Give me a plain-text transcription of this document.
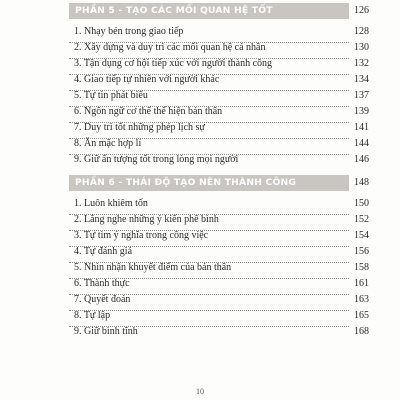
PHẦN 5 - TẠO CÁC MỐI QUAN HỆ TỐT	126
1. Nhạy bén trong giao tiếp	128
2. Xây dựng và duy trì các mối quan hệ cá nhân	130
3. Tận dụng cơ hội tiếp xúc với người thành công	132
4. Giao tiếp tự nhiên với người khác	134
5. Tự tin phát biểu	137
6. Ngôn ngữ cơ thể thể hiện bản thân	139
7. Duy trì tốt những phép lịch sự	141
8. Ăn mặc hợp lí	144
9. Giữ ấn tượng tốt trong lòng mọi người	146
PHẦN 6 - THÁI ĐỘ TẠO NÊN THÀNH CÔNG	148
1. Luôn khiêm tốn	150
2. Lắng nghe những ý kiến phê bình	152
3. Tự tìm ý nghĩa trong công việc	154
4. Tự đánh giá	156
5. Nhìn nhận khuyết điểm của bản thân	158
6. Thành thực	161
7. Quyết đoán	163
8. Tự lập	165
9. Giữ bình tĩnh	168
10
